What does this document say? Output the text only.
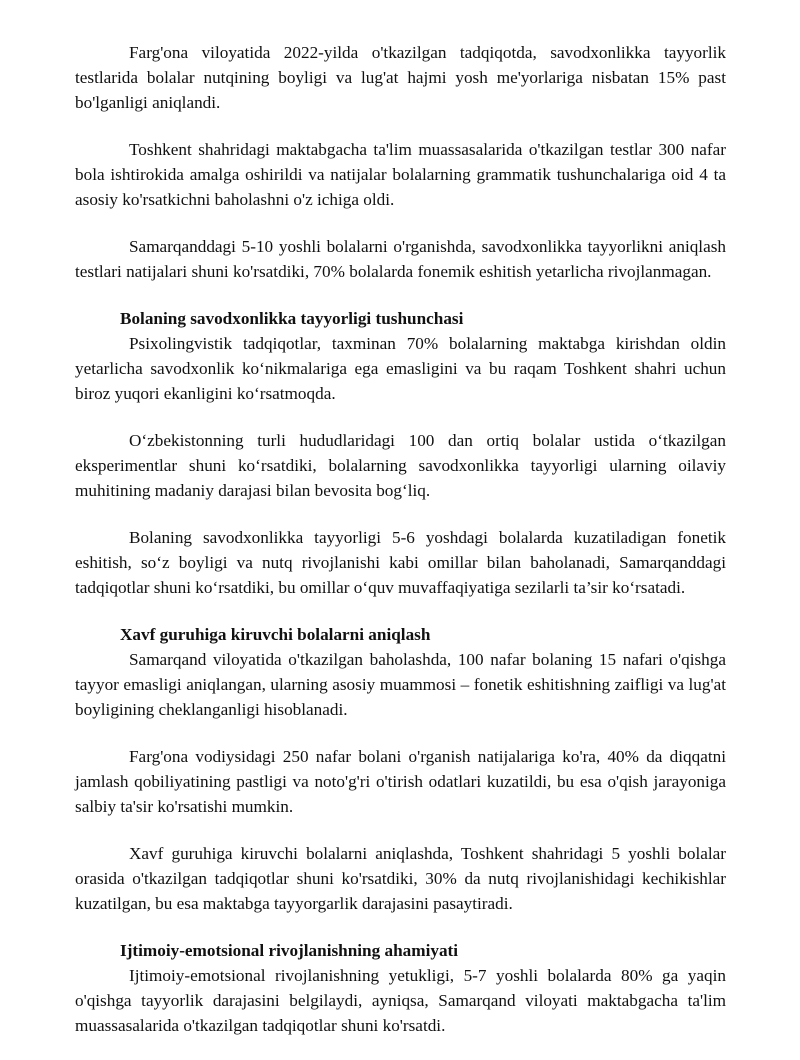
Farg'ona viloyatida 2022-yilda o'tkazilgan tadqiqotda, savodxonlikka tayyorlik testlarida bolalar nutqining boyligi va lug'at hajmi yosh me'yorlariga nisbatan 15% past bo'lganligi aniqlandi.

Toshkent shahridagi maktabgacha ta'lim muassasalarida o'tkazilgan testlar 300 nafar bola ishtirokida amalga oshirildi va natijalar bolalarning grammatik tushunchalariga oid 4 ta asosiy ko'rsatkichni baholashni o'z ichiga oldi.

Samarqanddagi 5-10 yoshli bolalarni o'rganishda, savodxonlikka tayyorlikni aniqlash testlari natijalari shuni ko'rsatdiki, 70% bolalarda fonemik eshitish yetarlicha rivojlanmagan.

Bolaning savodxonlikka tayyorligi tushunchasi

Psixolingvistik tadqiqotlar, taxminan 70% bolalarning maktabga kirishdan oldin yetarlicha savodxonlik ko‘nikmalariga ega emasligini va bu raqam Toshkent shahri uchun biroz yuqori ekanligini ko‘rsatmoqda.

O‘zbekistonning turli hududlaridagi 100 dan ortiq bolalar ustida o‘tkazilgan eksperimentlar shuni ko‘rsatdiki, bolalarning savodxonlikka tayyorligi ularning oilaviy muhitining madaniy darajasi bilan bevosita bog‘liq.

Bolaning savodxonlikka tayyorligi 5-6 yoshdagi bolalarda kuzatiladigan fonetik eshitish, so‘z boyligi va nutq rivojlanishi kabi omillar bilan baholanadi, Samarqanddagi tadqiqotlar shuni ko‘rsatdiki, bu omillar o‘quv muvaffaqiyatiga sezilarli ta’sir ko‘rsatadi.

Xavf guruhiga kiruvchi bolalarni aniqlash

Samarqand viloyatida o'tkazilgan baholashda, 100 nafar bolaning 15 nafari o'qishga tayyor emasligi aniqlangan, ularning asosiy muammosi – fonetik eshitishning zaifligi va lug'at boyligining cheklanganligi hisoblanadi.

Farg'ona vodiysidagi 250 nafar bolani o'rganish natijalariga ko'ra, 40% da diqqatni jamlash qobiliyatining pastligi va noto'g'ri o'tirish odatlari kuzatildi, bu esa o'qish jarayoniga salbiy ta'sir ko'rsatishi mumkin.

Xavf guruhiga kiruvchi bolalarni aniqlashda, Toshkent shahridagi 5 yoshli bolalar orasida o'tkazilgan tadqiqotlar shuni ko'rsatdiki, 30% da nutq rivojlanishidagi kechikishlar kuzatilgan, bu esa maktabga tayyorgarlik darajasini pasaytiradi.

Ijtimoiy-emotsional rivojlanishning ahamiyati

Ijtimoiy-emotsional rivojlanishning yetukligi, 5-7 yoshli bolalarda 80% ga yaqin o'qishga tayyorlik darajasini belgilaydi, ayniqsa, Samarqand viloyati maktabgacha ta'lim muassasalarida o'tkazilgan tadqiqotlar shuni ko'rsatdi.
